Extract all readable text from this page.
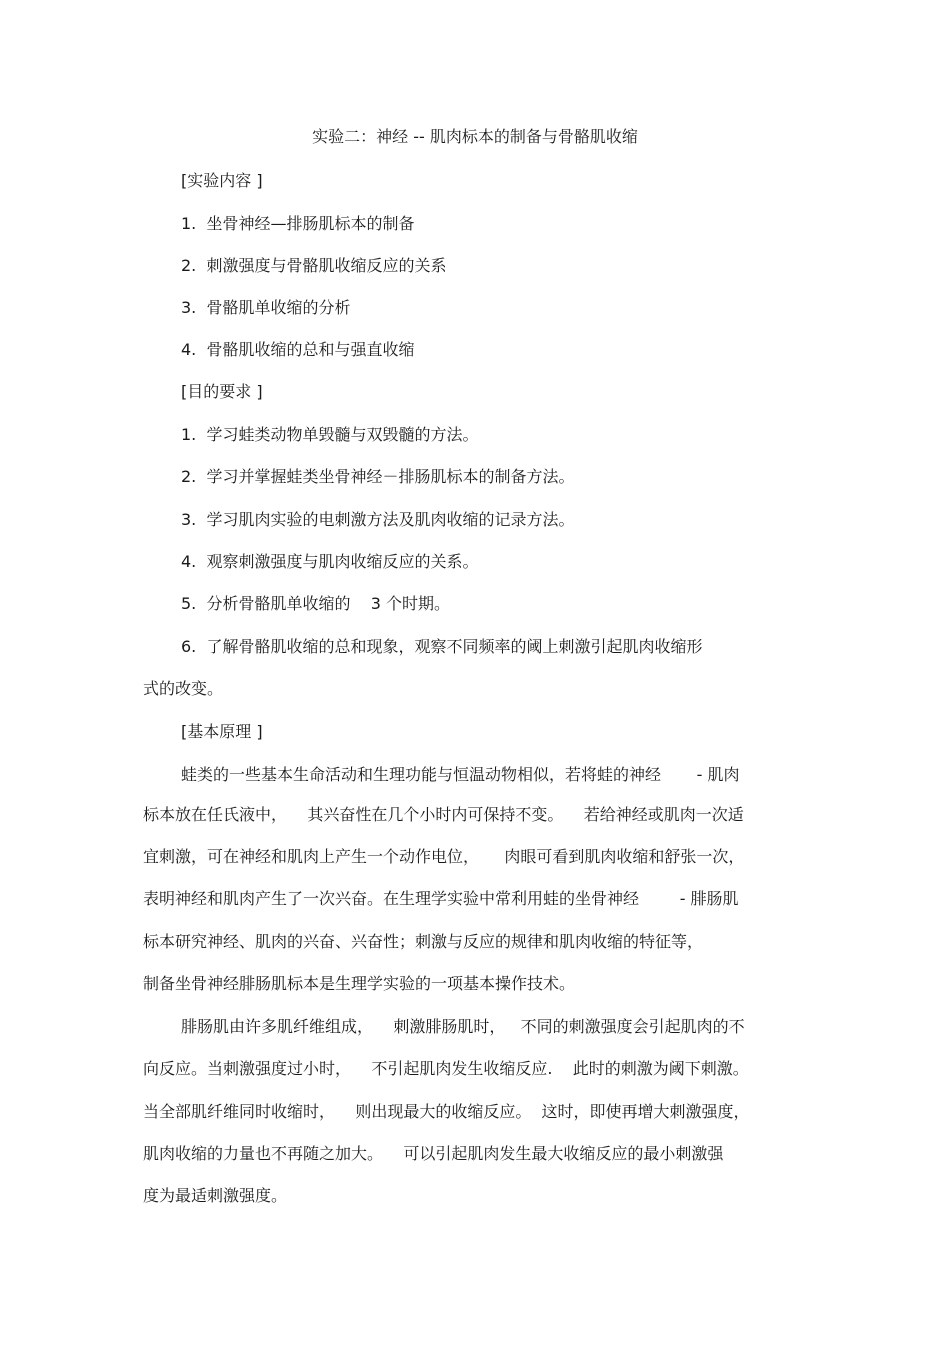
实验二：神经 -- 肌肉标本的制备与骨骼肌收缩
[实验内容 ]
1.  坐骨神经—排肠肌标本的制备
2.  刺激强度与骨骼肌收缩反应的关系
3.  骨骼肌单收缩的分析
4.  骨骼肌收缩的总和与强直收缩
[目的要求 ]
1.  学习蛙类动物单毁髓与双毁髓的方法。
2.  学习并掌握蛙类坐骨神经－排肠肌标本的制备方法。
3.  学习肌肉实验的电刺激方法及肌肉收缩的记录方法。
4.  观察刺激强度与肌肉收缩反应的关系。
5.  分析骨骼肌单收缩的    3 个时期。
6.  了解骨骼肌收缩的总和现象，观察不同频率的阈上刺激引起肌肉收缩形
式的改变。
[基本原理 ]
蛙类的一些基本生命活动和生理功能与恒温动物相似，若将蛙的神经       - 肌肉
标本放在任氏液中，    其兴奋性在几个小时内可保持不变。    若给神经或肌肉一次适
宜刺激，可在神经和肌肉上产生一个动作电位，     肉眼可看到肌肉收缩和舒张一次，
表明神经和肌肉产生了一次兴奋。在生理学实验中常利用蛙的坐骨神经        - 腓肠肌
标本研究神经、肌肉的兴奋、兴奋性；刺激与反应的规律和肌肉收缩的特征等，
制备坐骨神经腓肠肌标本是生理学实验的一项基本操作技术。
腓肠肌由许多肌纤维组成，    刺激腓肠肌时，   不同的刺激强度会引起肌肉的不
向反应。当刺激强度过小时，    不引起肌肉发生收缩反应.    此时的刺激为阈下刺激。
当全部肌纤维同时收缩时，    则出现最大的收缩反应。  这时，即使再增大刺激强度，
肌肉收缩的力量也不再随之加大。    可以引起肌肉发生最大收缩反应的最小刺激强
度为最适刺激强度。
